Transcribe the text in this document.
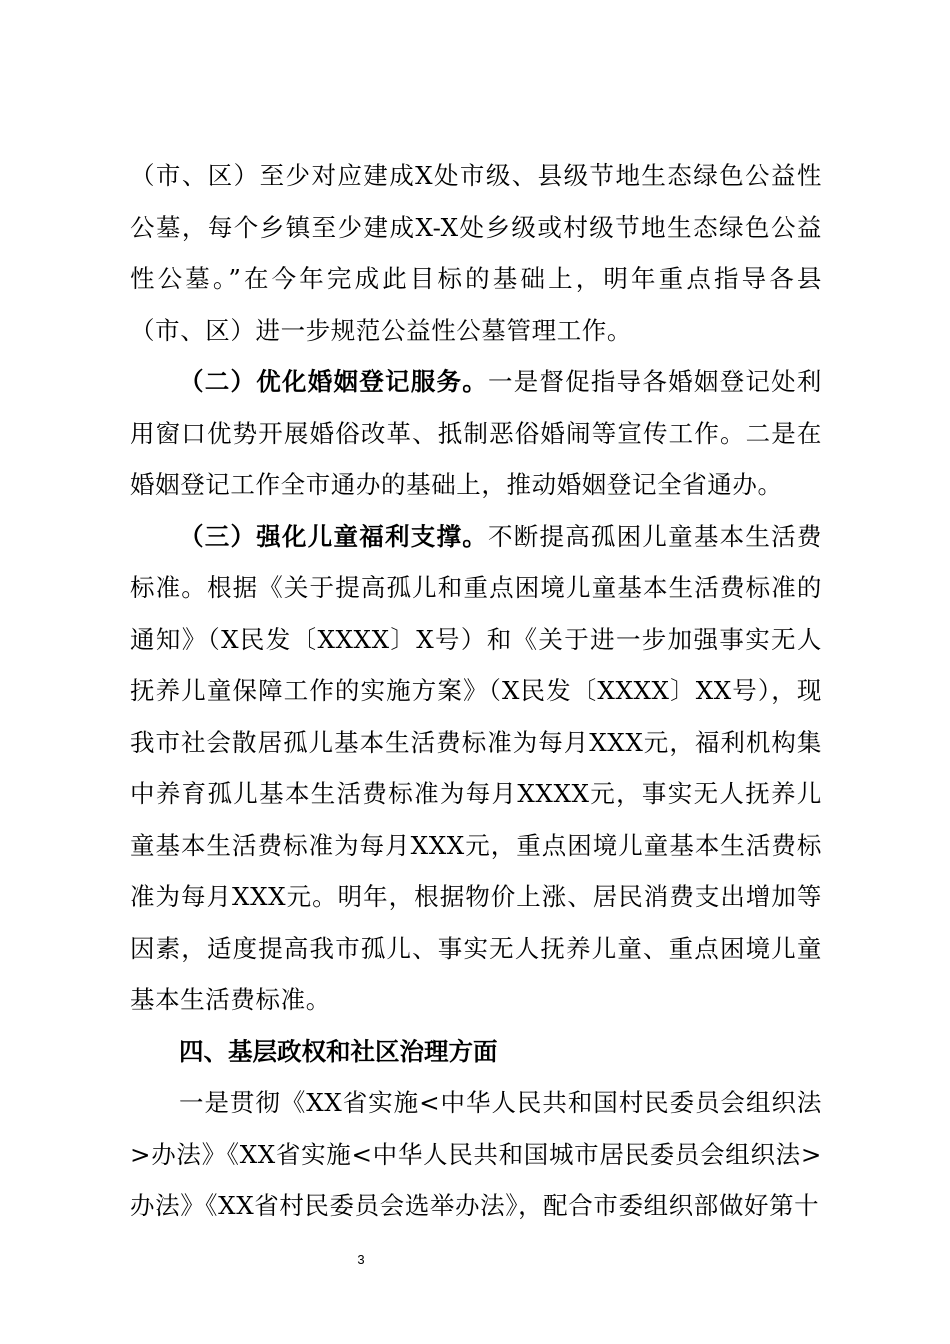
（市、区）至少对应建成X处市级、县级节地生态绿色公益性公墓，每个乡镇至少建成X-X处乡级或村级节地生态绿色公益性公墓。”在今年完成此目标的基础上，明年重点指导各县（市、区）进一步规范公益性公墓管理工作。

（二）优化婚姻登记服务。一是督促指导各婚姻登记处利用窗口优势开展婚俗改革、抵制恶俗婚闹等宣传工作。二是在婚姻登记工作全市通办的基础上，推动婚姻登记全省通办。

（三）强化儿童福利支撑。不断提高孤困儿童基本生活费标准。根据《关于提高孤儿和重点困境儿童基本生活费标准的通知》（X民发〔XXXX〕X号）和《关于进一步加强事实无人抚养儿童保障工作的实施方案》（X民发〔XXXX〕XX号），现我市社会散居孤儿基本生活费标准为每月XXX元，福利机构集中养育孤儿基本生活费标准为每月XXXX元，事实无人抚养儿童基本生活费标准为每月XXX元，重点困境儿童基本生活费标准为每月XXX元。明年，根据物价上涨、居民消费支出增加等因素，适度提高我市孤儿、事实无人抚养儿童、重点困境儿童基本生活费标准。

四、基层政权和社区治理方面

一是贯彻《XX省实施<中华人民共和国村民委员会组织法>办法》《XX省实施<中华人民共和国城市居民委员会组织法>办法》《XX省村民委员会选举办法》，配合市委组织部做好第十

3
